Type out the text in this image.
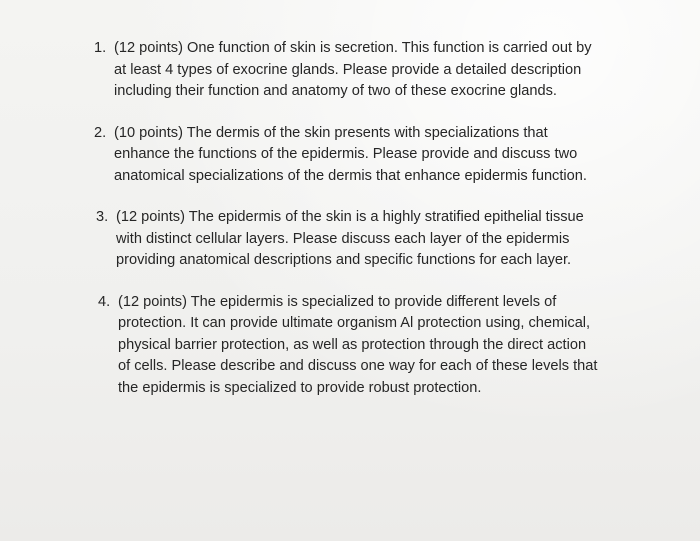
1. (12 points) One function of skin is secretion. This function is carried out by
at least 4 types of exocrine glands. Please provide a detailed description
including their function and anatomy of two of these exocrine glands.
2. (10 points) The dermis of the skin presents with specializations that
enhance the functions of the epidermis. Please provide and discuss two
anatomical specializations of the dermis that enhance epidermis function.
3. (12 points) The epidermis of the skin is a highly stratified epithelial tissue
with distinct cellular layers. Please discuss each layer of the epidermis
providing anatomical descriptions and specific functions for each layer.
4. (12 points) The epidermis is specialized to provide different levels of
protection. It can provide ultimate organism Al protection using, chemical,
physical barrier protection, as well as protection through the direct action
of cells. Please describe and discuss one way for each of these levels that
the epidermis is specialized to provide robust protection.
